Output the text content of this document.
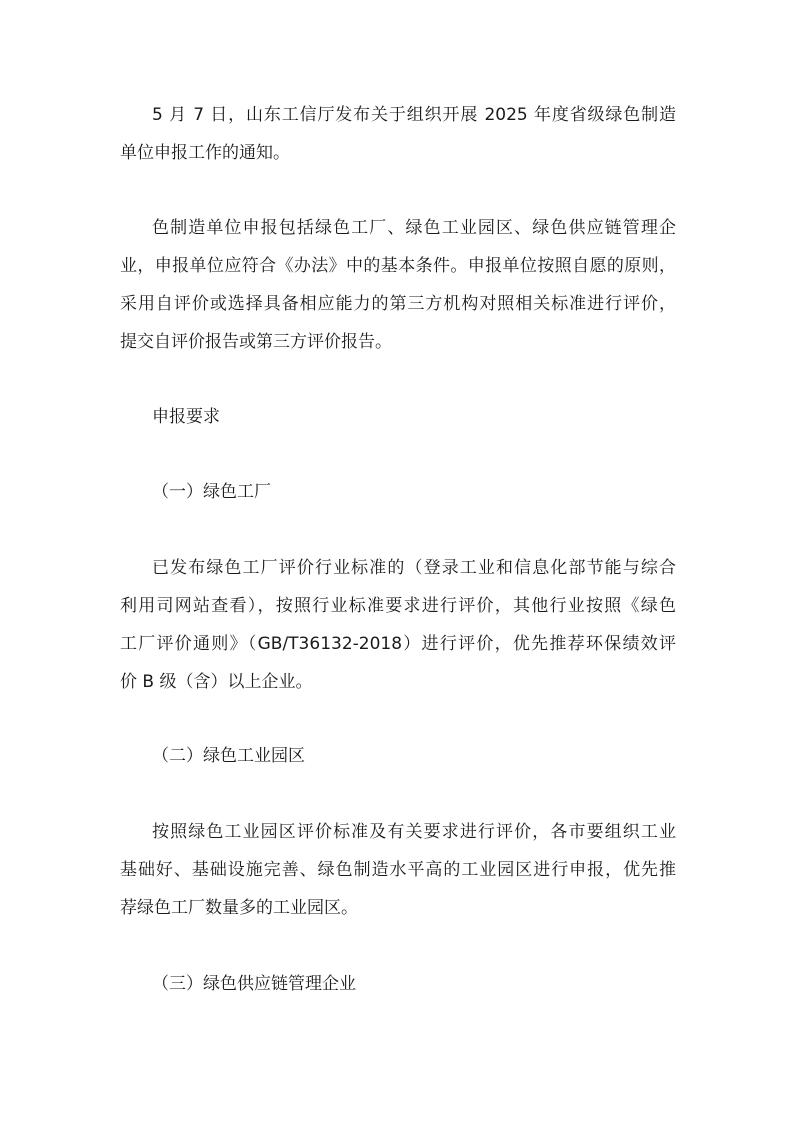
5 月 7 日，山东工信厅发布关于组织开展 2025 年度省级绿色制造
单位申报工作的通知。
色制造单位申报包括绿色工厂、绿色工业园区、绿色供应链管理企
业，申报单位应符合《办法》中的基本条件。申报单位按照自愿的原则，
采用自评价或选择具备相应能力的第三方机构对照相关标准进行评价，
提交自评价报告或第三方评价报告。
申报要求
（一）绿色工厂
已发布绿色工厂评价行业标准的（登录工业和信息化部节能与综合
利用司网站查看），按照行业标准要求进行评价，其他行业按照《绿色
工厂评价通则》（GB/T36132-2018）进行评价，优先推荐环保绩效评
价 B 级（含）以上企业。
（二）绿色工业园区
按照绿色工业园区评价标准及有关要求进行评价，各市要组织工业
基础好、基础设施完善、绿色制造水平高的工业园区进行申报，优先推
荐绿色工厂数量多的工业园区。
（三）绿色供应链管理企业
